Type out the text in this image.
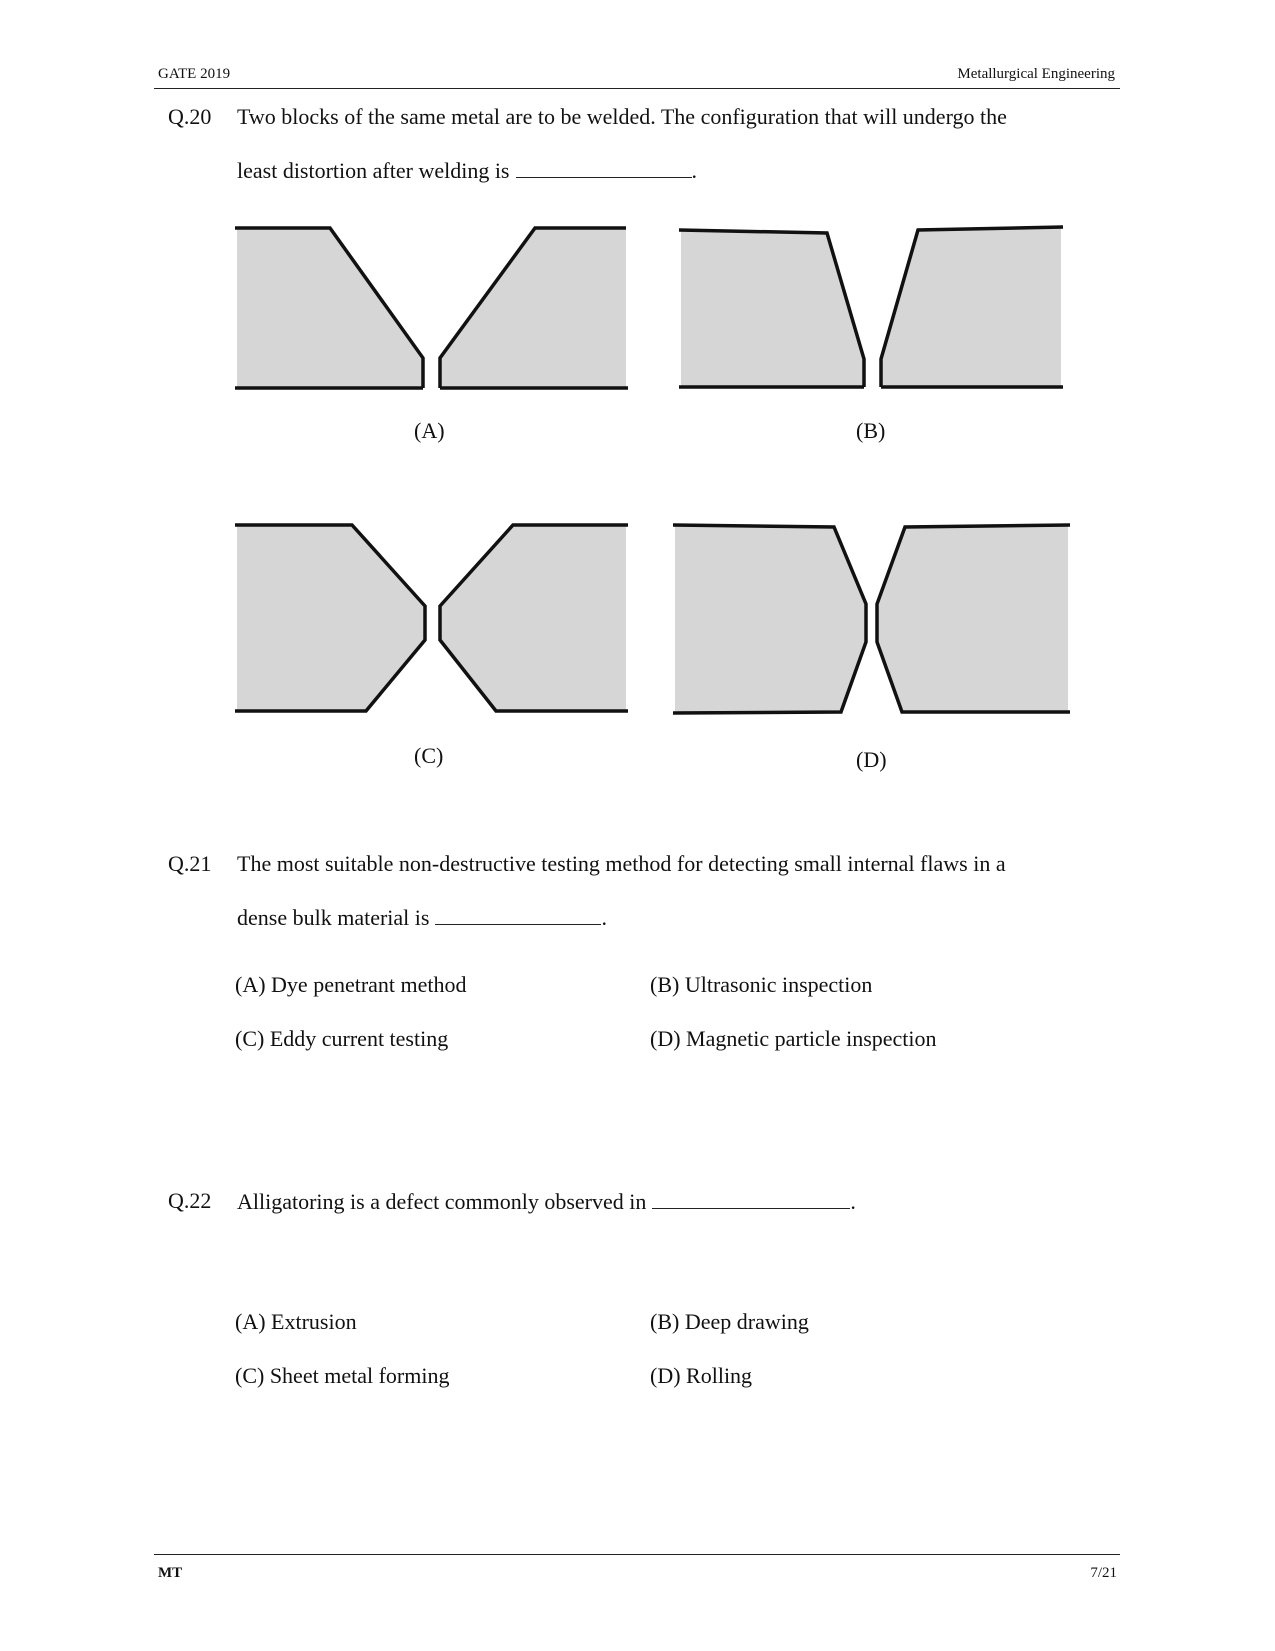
GATE 2019	Metallurgical Engineering
Q.20 Two blocks of the same metal are to be welded. The configuration that will undergo the
least distortion after welding is	.
(A)	(B)
(C)	(D)
Q.21 The most suitable non-destructive testing method for detecting small internal flaws in a
dense bulk material is	.
(A) Dye penetrant method	(B) Ultrasonic inspection
(C) Eddy current testing	(D) Magnetic particle inspection
Q.22 Alligatoring is a defect commonly observed in	.
(A) Extrusion	(B) Deep drawing
(C) Sheet metal forming	(D) Rolling
MT	7/21
